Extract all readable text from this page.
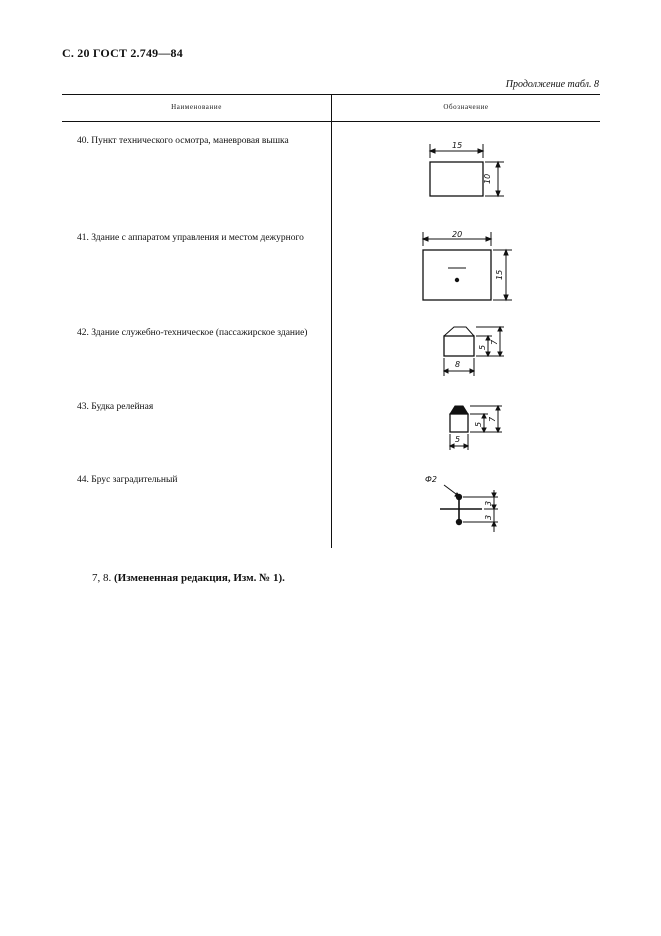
С. 20 ГОСТ 2.749—84
Продолжение табл. 8
Наименование	Обозначение
40. Пункт технического осмотра, маневровая вышка
41. Здание с аппаратом управления и местом дежурного
42. Здание служебно-техническое (пассажирское здание)
43. Будка релейная
44. Брус заградительный
15
10
20
15
5
7
8
5
7
5
Ф2
3
3
7, 8. (Измененная редакция, Изм. № 1).
